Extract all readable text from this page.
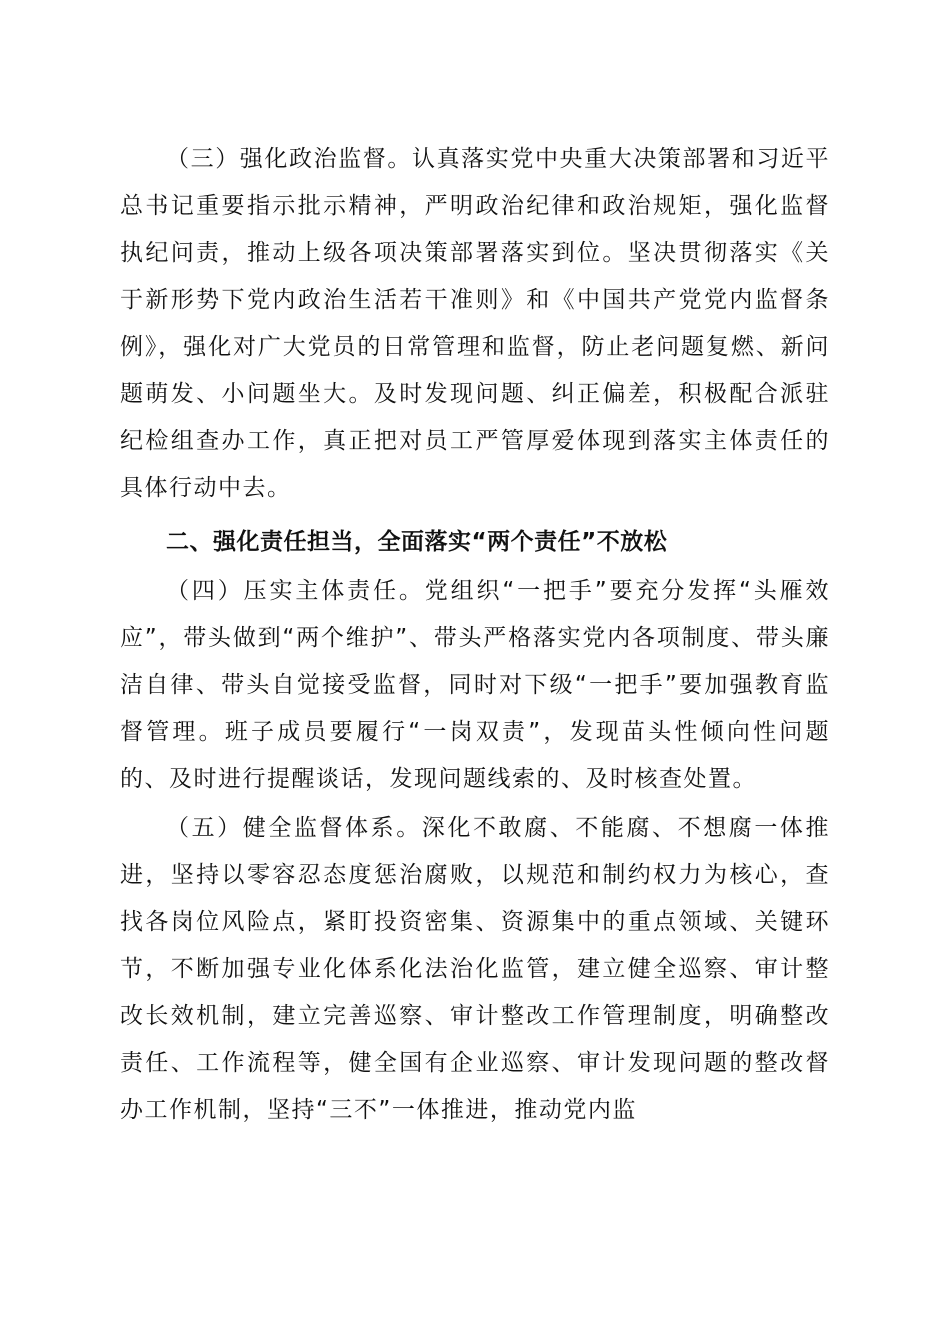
（三）强化政治监督。认真落实党中央重大决策部署和习近平总书记重要指示批示精神，严明政治纪律和政治规矩，强化监督执纪问责，推动上级各项决策部署落实到位。坚决贯彻落实《关于新形势下党内政治生活若干准则》和《中国共产党党内监督条例》，强化对广大党员的日常管理和监督，防止老问题复燃、新问题萌发、小问题坐大。及时发现问题、纠正偏差，积极配合派驻纪检组查办工作，真正把对员工严管厚爱体现到落实主体责任的具体行动中去。

二、强化责任担当，全面落实“两个责任”不放松

（四）压实主体责任。党组织“一把手”要充分发挥“头雁效应”，带头做到“两个维护”、带头严格落实党内各项制度、带头廉洁自律、带头自觉接受监督，同时对下级“一把手”要加强教育监督管理。班子成员要履行“一岗双责”，发现苗头性倾向性问题的、及时进行提醒谈话，发现问题线索的、及时核查处置。

（五）健全监督体系。深化不敢腐、不能腐、不想腐一体推进，坚持以零容忍态度惩治腐败，以规范和制约权力为核心，查找各岗位风险点，紧盯投资密集、资源集中的重点领域、关键环节，不断加强专业化体系化法治化监管，建立健全巡察、审计整改长效机制，建立完善巡察、审计整改工作管理制度，明确整改责任、工作流程等，健全国有企业巡察、审计发现问题的整改督办工作机制，坚持“三不”一体推进，推动党内监
